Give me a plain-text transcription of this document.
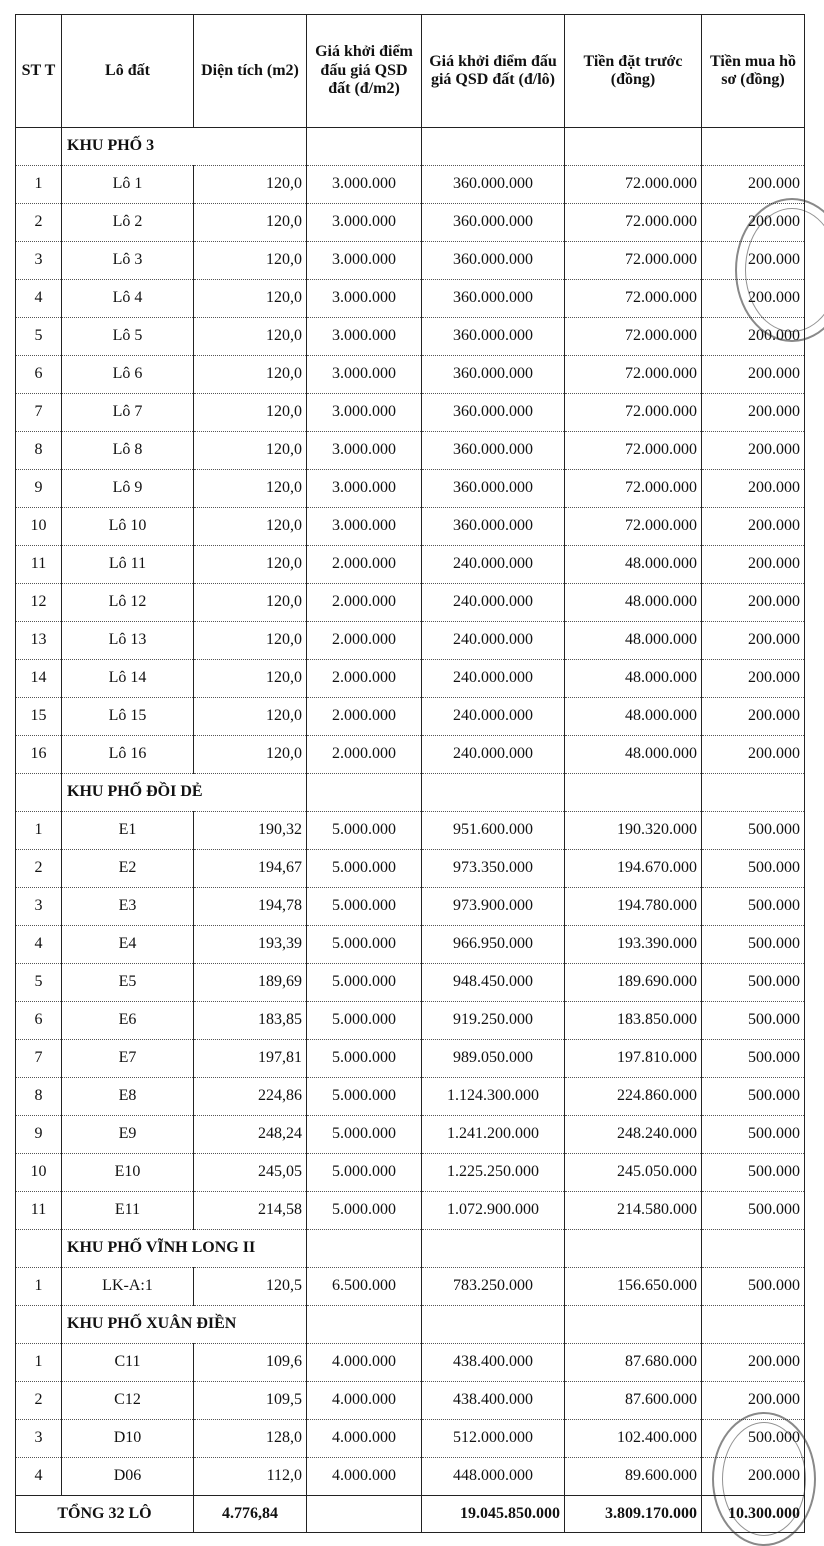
ST T	Lô đất	Diện tích (m2)	Giá khởi điểm đấu giá QSD đất (đ/m2)	Giá khởi điểm đấu giá QSD đất (đ/lô)	Tiền đặt trước (đồng)	Tiền mua hồ sơ (đồng)
	KHU PHỐ 3					
1	Lô 1	120,0	3.000.000	360.000.000	72.000.000	200.000
2	Lô 2	120,0	3.000.000	360.000.000	72.000.000	200.000
3	Lô 3	120,0	3.000.000	360.000.000	72.000.000	200.000
4	Lô 4	120,0	3.000.000	360.000.000	72.000.000	200.000
5	Lô 5	120,0	3.000.000	360.000.000	72.000.000	200.000
6	Lô 6	120,0	3.000.000	360.000.000	72.000.000	200.000
7	Lô 7	120,0	3.000.000	360.000.000	72.000.000	200.000
8	Lô 8	120,0	3.000.000	360.000.000	72.000.000	200.000
9	Lô 9	120,0	3.000.000	360.000.000	72.000.000	200.000
10	Lô 10	120,0	3.000.000	360.000.000	72.000.000	200.000
11	Lô 11	120,0	2.000.000	240.000.000	48.000.000	200.000
12	Lô 12	120,0	2.000.000	240.000.000	48.000.000	200.000
13	Lô 13	120,0	2.000.000	240.000.000	48.000.000	200.000
14	Lô 14	120,0	2.000.000	240.000.000	48.000.000	200.000
15	Lô 15	120,0	2.000.000	240.000.000	48.000.000	200.000
16	Lô 16	120,0	2.000.000	240.000.000	48.000.000	200.000
	KHU PHỐ ĐỒI DẺ					
1	E1	190,32	5.000.000	951.600.000	190.320.000	500.000
2	E2	194,67	5.000.000	973.350.000	194.670.000	500.000
3	E3	194,78	5.000.000	973.900.000	194.780.000	500.000
4	E4	193,39	5.000.000	966.950.000	193.390.000	500.000
5	E5	189,69	5.000.000	948.450.000	189.690.000	500.000
6	E6	183,85	5.000.000	919.250.000	183.850.000	500.000
7	E7	197,81	5.000.000	989.050.000	197.810.000	500.000
8	E8	224,86	5.000.000	1.124.300.000	224.860.000	500.000
9	E9	248,24	5.000.000	1.241.200.000	248.240.000	500.000
10	E10	245,05	5.000.000	1.225.250.000	245.050.000	500.000
11	E11	214,58	5.000.000	1.072.900.000	214.580.000	500.000
	KHU PHỐ VĨNH LONG II					
1	LK-A:1	120,5	6.500.000	783.250.000	156.650.000	500.000
	KHU PHỐ XUÂN ĐIỀN					
1	C11	109,6	4.000.000	438.400.000	87.680.000	200.000
2	C12	109,5	4.000.000	438.400.000	87.600.000	200.000
3	D10	128,0	4.000.000	512.000.000	102.400.000	500.000
4	D06	112,0	4.000.000	448.000.000	89.600.000	200.000
TỔNG 32 LÔ		4.776,84		19.045.850.000	3.809.170.000	10.300.000
